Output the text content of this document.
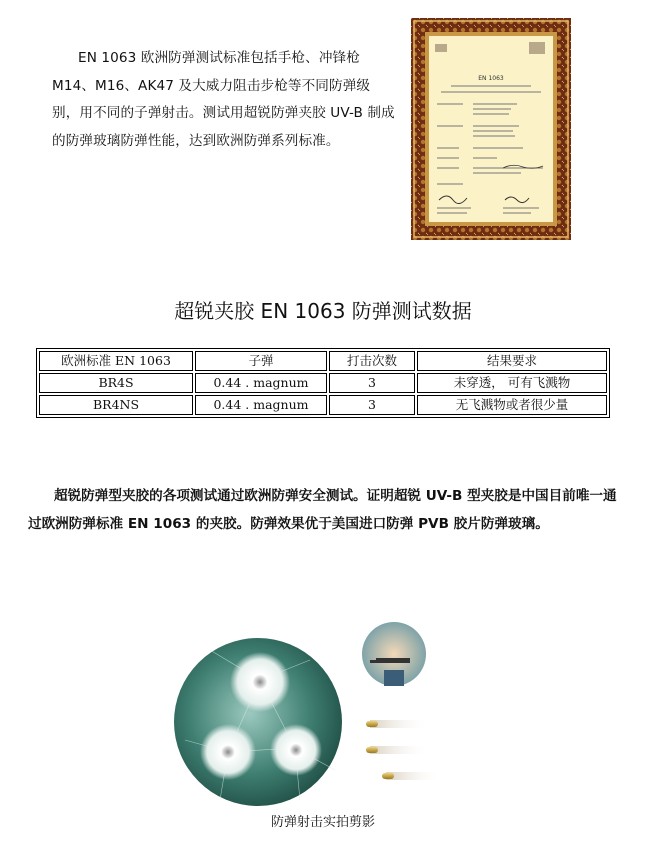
EN 1063 欧洲防弹测试标准包括手枪、冲锋枪 M14、M16、AK47 及大威力阻击步枪等不同防弹级别，用不同的子弹射击。测试用超锐防弹夹胶 UV-B 制成的防弹玻璃防弹性能，达到欧洲防弹系列标准。

EN 1063
超锐夹胶 EN 1063 防弹测试数据
欧洲标准 EN 1063	子弹	打击次数	结果要求
BR4S	0.44 . magnum	3	未穿透， 可有飞溅物
BR4NS	0.44 . magnum	3	无飞溅物或者很少量

超锐防弹型夹胶的各项测试通过欧洲防弹安全测试。证明超锐 UV-B 型夹胶是中国目前唯一通过欧洲防弹标准 EN 1063 的夹胶。防弹效果优于美国进口防弹 PVB 胶片防弹玻璃。

防弹射击实拍剪影
